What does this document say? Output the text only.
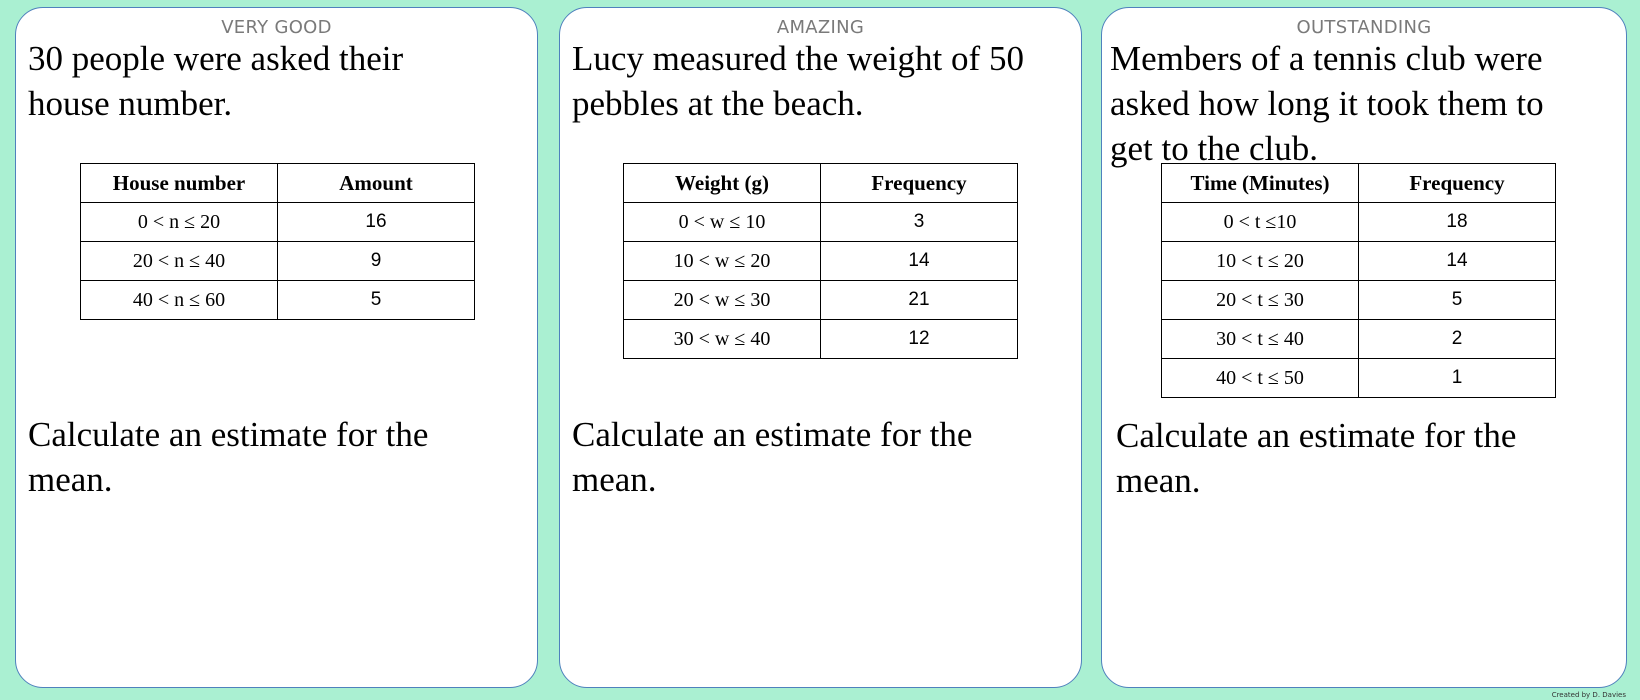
VERY GOOD

30 people were asked their house number.

House number	Amount
0 < n ≤ 20	16
20 < n ≤ 40	9
40 < n ≤ 60	5

Calculate an estimate for the mean.

AMAZING

Lucy measured the weight of 50 pebbles at the beach.

Weight (g)	Frequency
0 < w ≤ 10	3
10 < w ≤ 20	14
20 < w ≤ 30	21
30 < w ≤ 40	12

Calculate an estimate for the mean.

OUTSTANDING

Members of a tennis club were asked how long it took them to get to the club.

Time (Minutes)	Frequency
0 < t ≤10	18
10 < t ≤ 20	14
20 < t ≤ 30	5
30 < t ≤ 40	2
40 < t ≤ 50	1

Calculate an estimate for the mean.

Created by D. Davies
